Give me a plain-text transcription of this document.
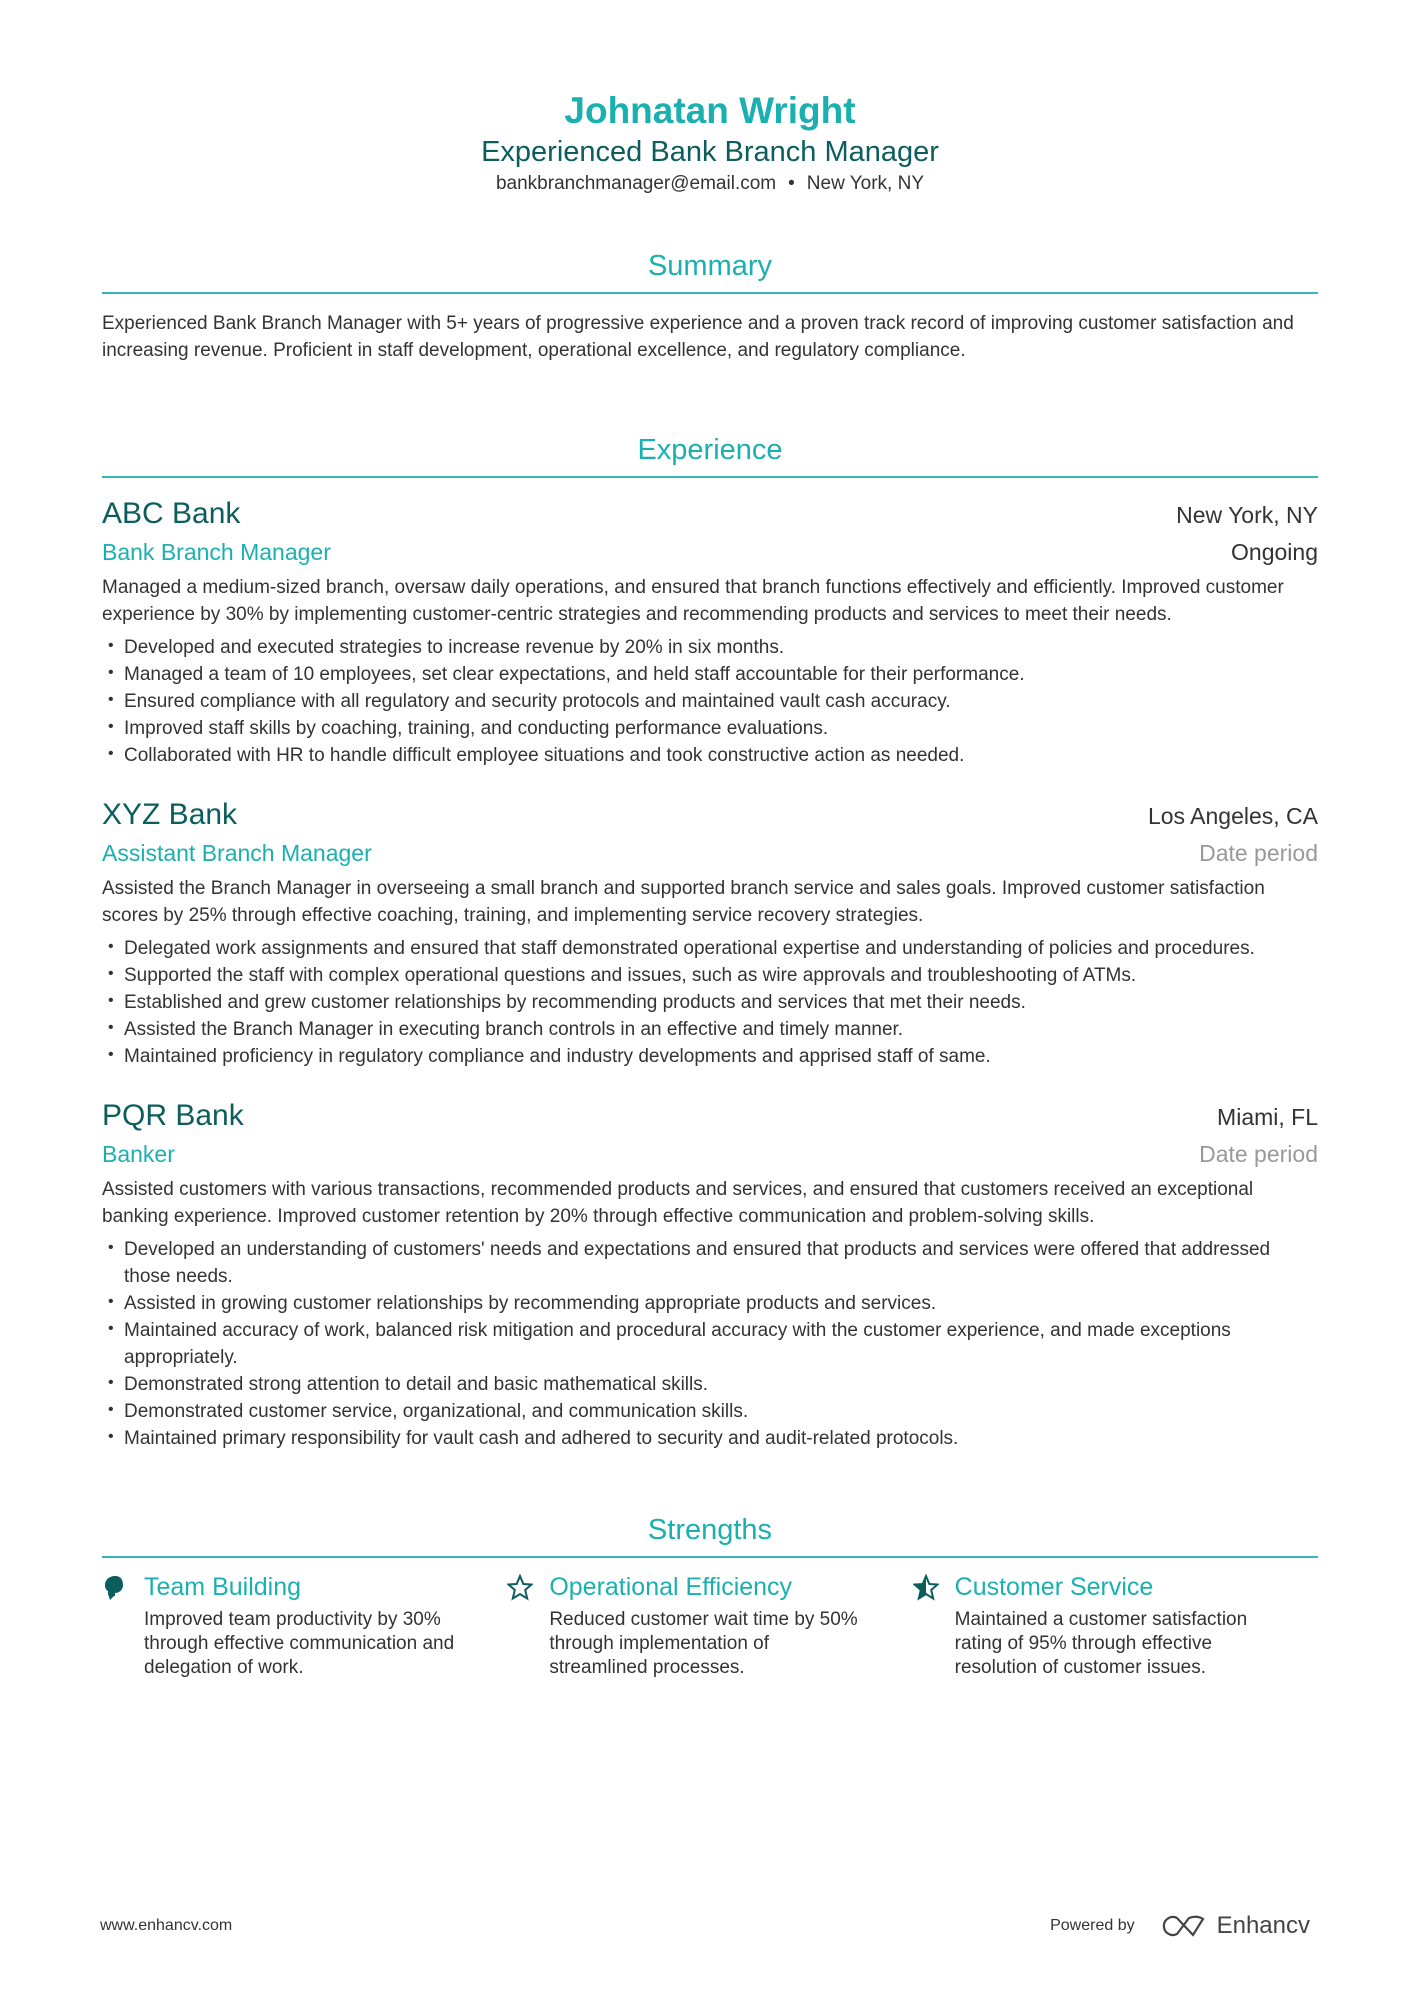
Johnatan Wright
Experienced Bank Branch Manager
bankbranchmanager@email.com • New York, NY
Summary

Experienced Bank Branch Manager with 5+ years of progressive experience and a proven track record of improving customer satisfaction and increasing revenue. Proficient in staff development, operational excellence, and regulatory compliance.

Experience
ABC Bank	New York, NY
Bank Branch Manager	Ongoing

Managed a medium-sized branch, oversaw daily operations, and ensured that branch functions effectively and efficiently. Improved customer experience by 30% by implementing customer-centric strategies and recommending products and services to meet their needs.

• Developed and executed strategies to increase revenue by 20% in six months.
• Managed a team of 10 employees, set clear expectations, and held staff accountable for their performance.
• Ensured compliance with all regulatory and security protocols and maintained vault cash accuracy.
• Improved staff skills by coaching, training, and conducting performance evaluations.
• Collaborated with HR to handle difficult employee situations and took constructive action as needed.
XYZ Bank	Los Angeles, CA
Assistant Branch Manager	Date period

Assisted the Branch Manager in overseeing a small branch and supported branch service and sales goals. Improved customer satisfaction scores by 25% through effective coaching, training, and implementing service recovery strategies.

• Delegated work assignments and ensured that staff demonstrated operational expertise and understanding of policies and procedures.
• Supported the staff with complex operational questions and issues, such as wire approvals and troubleshooting of ATMs.
• Established and grew customer relationships by recommending products and services that met their needs.
• Assisted the Branch Manager in executing branch controls in an effective and timely manner.
• Maintained proficiency in regulatory compliance and industry developments and apprised staff of same.
PQR Bank	Miami, FL
Banker	Date period

Assisted customers with various transactions, recommended products and services, and ensured that customers received an exceptional banking experience. Improved customer retention by 20% through effective communication and problem-solving skills.

• Developed an understanding of customers' needs and expectations and ensured that products and services were offered that addressed those needs.
• Assisted in growing customer relationships by recommending appropriate products and services.
• Maintained accuracy of work, balanced risk mitigation and procedural accuracy with the customer experience, and made exceptions appropriately.
• Demonstrated strong attention to detail and basic mathematical skills.
• Demonstrated customer service, organizational, and communication skills.
• Maintained primary responsibility for vault cash and adhered to security and audit-related protocols.
Strengths
Team Building

Improved team productivity by 30% through effective communication and delegation of work.

Operational Efficiency

Reduced customer wait time by 50% through implementation of streamlined processes.

Customer Service

Maintained a customer satisfaction rating of 95% through effective resolution of customer issues.

www.enhancv.com	Powered by	Enhancv
